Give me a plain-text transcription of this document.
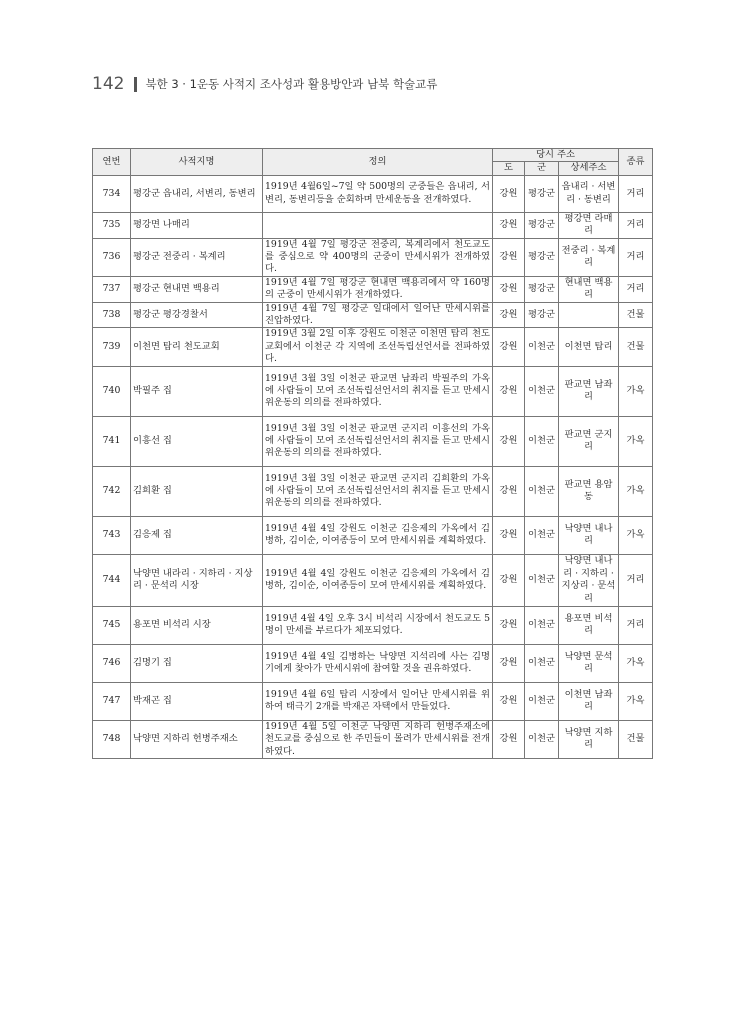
142 북한 3 · 1운동 사적지 조사성과 활용방안과 남북 학술교류
연번	사적지명	정의	당시 주소			종류
			도	군	상세주소	
734	평강군 읍내리, 서변리, 동변리	1919년 4월6일~7일 약 500명의 군중들은 읍내리, 서변리, 동변리등을 순회하며 만세운동을 전개하였다.	강원	평강군	읍내리 · 서변리 · 동변리	거리
735	평강면 나매리		강원	평강군	평강면 라매리	거리
736	평강군 전중리 · 복계리	1919년 4월 7일 평강군 전중리, 복계리에서 천도교도를 중심으로 약 400명의 군중이 만세시위가 전개하였다.	강원	평강군	전중리 · 복계리	거리
737	평강군 현내면 백용리	1919년 4월 7일 평강군 현내면 백용리에서 약 160명의 군중이 만세시위가 전개하였다.	강원	평강군	현내면 백용리	거리
738	평강군 평강경찰서	1919년 4월 7일 평강군 일대에서 일어난 만세시위를 진압하였다.	강원	평강군		건물
739	이천면 탑리 천도교회	1919년 3월 2일 이후 강원도 이천군 이천면 탑리 천도교회에서 이천군 각 지역에 조선독립선언서를 전파하였다.	강원	이천군	이천면 탑리	건물
740	박필주 집	1919년 3월 3일 이천군 판교면 남좌리 박필주의 가옥에 사람들이 모여 조선독립선언서의 취지를 듣고 만세시위운동의 의의를 전파하였다.	강원	이천군	판교면 남좌리	가옥
741	이흥선 집	1919년 3월 3일 이천군 판교면 군지리 이흥선의 가옥에 사람들이 모여 조선독립선언서의 취지를 듣고 만세시위운동의 의의를 전파하였다.	강원	이천군	판교면 군지리	가옥
742	김희환 집	1919년 3월 3일 이천군 판교면 군지리 김희환의 가옥에 사람들이 모여 조선독립선언서의 취지를 듣고 만세시위운동의 의의를 전파하였다.	강원	이천군	판교면 용암동	가옥
743	김응제 집	1919년 4월 4일 강원도 이천군 김응제의 가옥에서 김병하, 김이순, 이여종등이 모여 만세시위를 계획하였다.	강원	이천군	낙양면 내나리	가옥
744	낙양면 내라리 · 지하리 · 지상리 · 문석리 시장	1919년 4월 4일 강원도 이천군 김응제의 가옥에서 김병하, 김이순, 이여종등이 모여 만세시위를 계획하였다.	강원	이천군	낙양면 내나리 · 지하리 · 지상리 · 문석리	거리
745	용포면 비석리 시장	1919년 4월 4일 오후 3시 비석리 시장에서 천도교도 5명이 만세를 부르다가 체포되었다.	강원	이천군	용포면 비석리	거리
746	김명기 집	1919년 4월 4일 김병하는 낙양면 지석리에 사는 김명기에게 찾아가 만세시위에 참여할 것을 권유하였다.	강원	이천군	낙양면 문석리	가옥
747	박재곤 집	1919년 4월 6일 탑리 시장에서 일어난 만세시위를 위하여 태극기 2개를 박재곤 자택에서 만들었다.	강원	이천군	이천면 남좌리	가옥
748	낙양면 지하리 헌병주재소	1919년 4월 5일 이천군 낙양면 지하리 헌병주재소에 천도교를 중심으로 한 주민들이 몰려가 만세시위를 전개하였다.	강원	이천군	낙양면 지하리	건물
